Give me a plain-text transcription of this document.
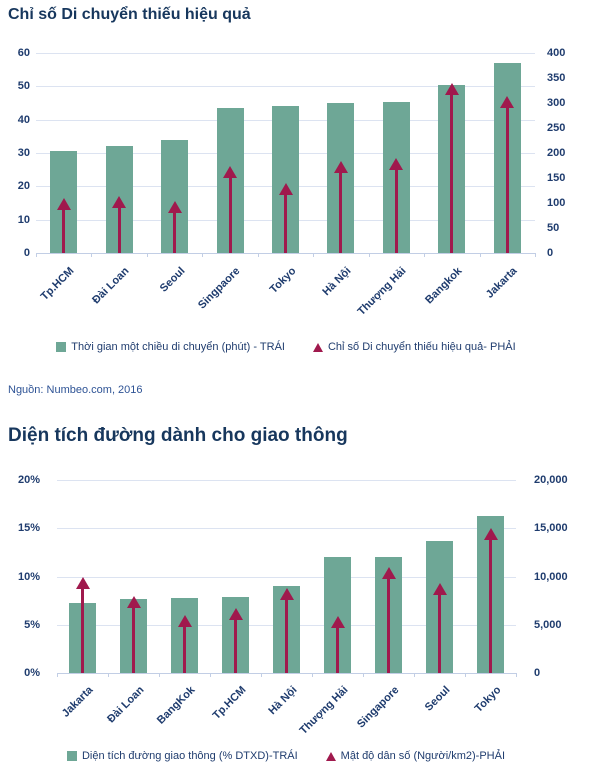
Chỉ số Di chuyển thiếu hiệu quả
0
10
20
30
40
50
60
0
50
100
150
200
250
300
350
400
Tp.HCM Đài Loan Seoul Singpaore Tokyo Hà Nội Thượng Hải Bangkok Jakarta
Thời gian một chiều di chuyển (phút) - TRÁI	Chỉ số Di chuyển thiếu hiệu quả- PHẢI

Nguồn: Numbeo.com, 2016

Diện tích đường dành cho giao thông
0%
5%
10%
15%
20%
0
5,000
10,000
15,000
20,000
Jakarta Đài Loan BangKok Tp.HCM Hà Nội
Thượng Hải Singapore Seoul Tokyo
Diện tích đường giao thông (% DTXD)-TRÁI	Mật độ dân số (Người/km2)-PHẢI
